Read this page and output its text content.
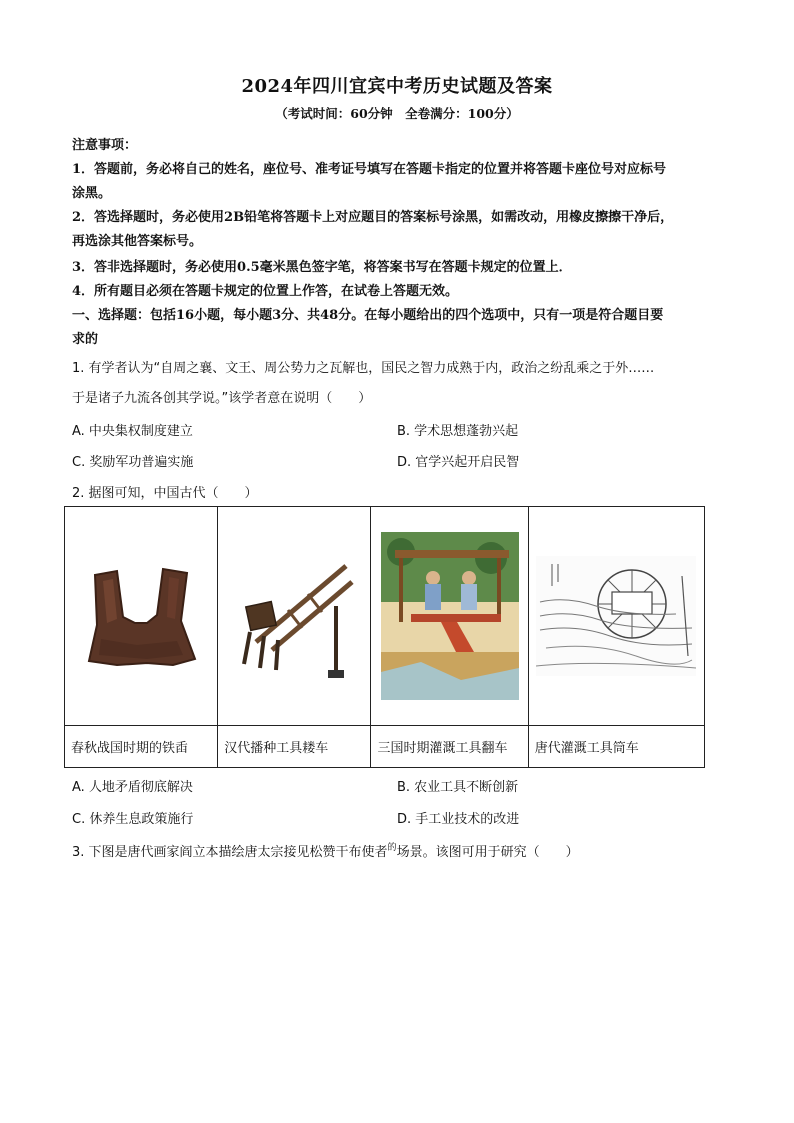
2024年四川宜宾中考历史试题及答案
（考试时间：60分钟　全卷满分：100分）
注意事项：
1．答题前，务必将自己的姓名，座位号、准考证号填写在答题卡指定的位置并将答题卡座位号对应标号
涂黑。
2．答选择题时，务必使用2B铅笔将答题卡上对应题目的答案标号涂黑，如需改动，用橡皮擦擦干净后，
再选涂其他答案标号。
3．答非选择题时，务必使用0.5毫米黑色签字笔，将答案书写在答题卡规定的位置上．
4．所有题目必须在答题卡规定的位置上作答，在试卷上答题无效。
一、选择题：包括16小题，每小题3分、共48分。在每小题给出的四个选项中，只有一项是符合题目要
求的
1. 有学者认为“自周之襄、文王、周公势力之瓦解也，国民之智力成熟于内，政治之纷乱乘之于外……
于是诸子九流各创其学说。”该学者意在说明（　　）
A. 中央集权制度建立	B. 学术思想蓬勃兴起
C. 奖励军功普遍实施	D. 官学兴起开启民智
2. 据图可知，中国古代（　　）

春秋战国时期的铁臿	汉代播种工具耧车	三国时期灌溉工具翻车	唐代灌溉工具筒车
A. 人地矛盾彻底解决	B. 农业工具不断创新
C. 休养生息政策施行	D. 手工业技术的改进
3. 下图是唐代画家阎立本描绘唐太宗接见松赞干布使者$^的$场景。该图可用于研究（　　）
